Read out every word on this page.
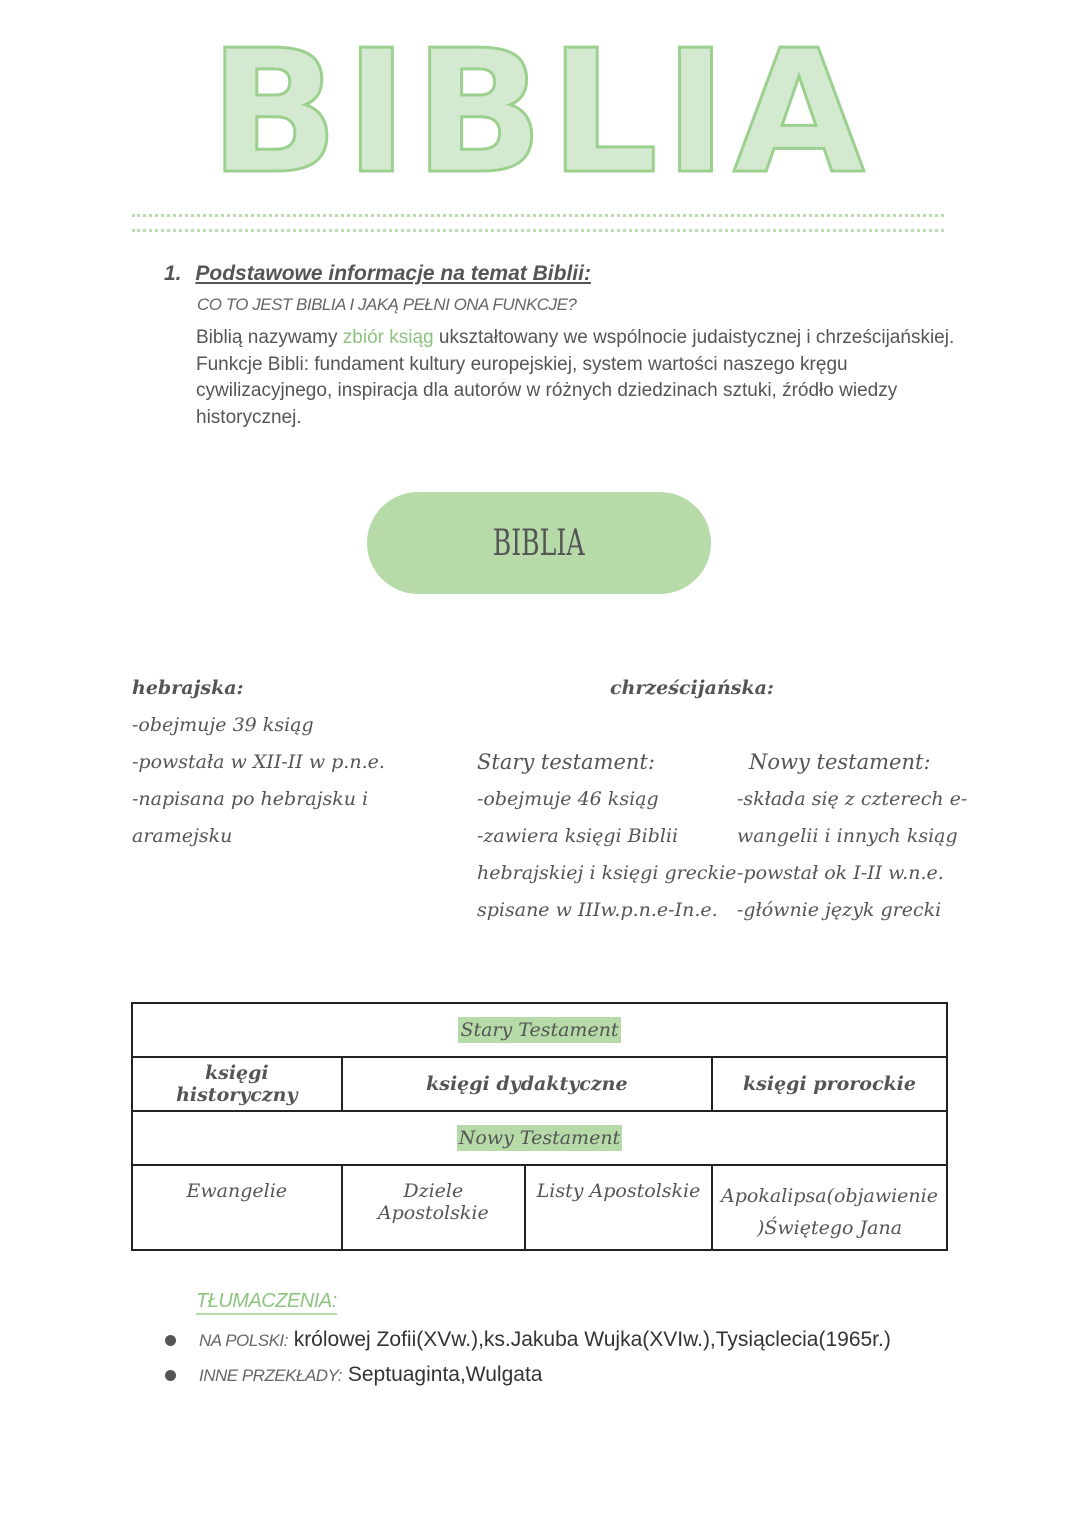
BIBLIA
1. Podstawowe informacje na temat Biblii:
CO TO JEST BIBLIA I JAKĄ PEŁNI ONA FUNKCJE?
Biblią nazywamy zbiór ksiąg ukształtowany we wspólnocie judaistycznej i chrześcijańskiej. Funkcje Bibli: fundament kultury europejskiej, system wartości naszego kręgu cywilizacyjnego, inspiracja dla autorów w różnych dziedzinach sztuki, źródło wiedzy historycznej.
BIBLIA
hebrajska:
-obejmuje 39 ksiąg
-powstała w XII-II w p.n.e.
-napisana po hebrajsku i
aramejsku
chrześcijańska:
Stary testament:
-obejmuje 46 ksiąg
-zawiera księgi Biblii
hebrajskiej i księgi greckie
spisane w IIIw.p.n.e-In.e.
Nowy testament:
-składa się z czterech e-
wangelii i innych ksiąg
-powstał ok I-II w.n.e.
-głównie język grecki
Stary Testament			
księgi historyczny	księgi dydaktyczne		księgi prorockie
Nowy Testament			
Ewangelie	Dziele Apostolskie	Listy Apostolskie	Apokalipsa(objawienie )Świętego Jana
TŁUMACZENIA:
NA POLSKI: królowej Zofii(XVw.),ks.Jakuba Wujka(XVIw.),Tysiąclecia(1965r.)
INNE PRZEKŁADY: Septuaginta,Wulgata
